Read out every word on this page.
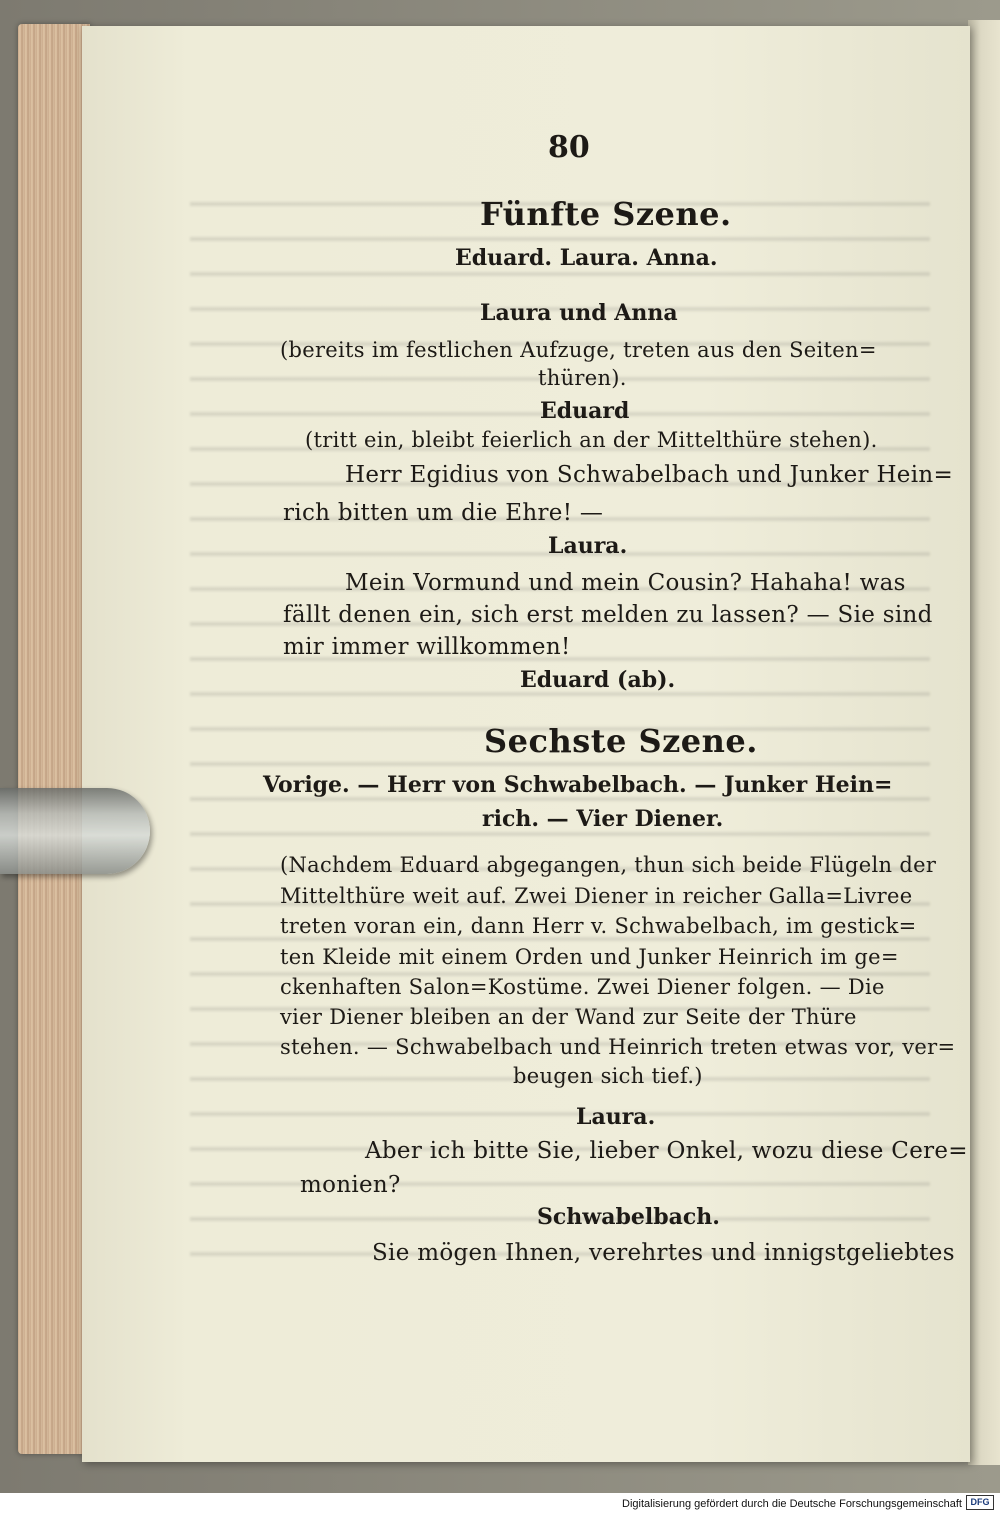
80
Fünfte Szene.
Eduard. Laura. Anna.
Laura und Anna
(bereits im festlichen Aufzuge, treten aus den Seiten=
thüren).
Eduard
(tritt ein, bleibt feierlich an der Mittelthüre stehen).
Herr Egidius von Schwabelbach und Junker Hein=
rich bitten um die Ehre! —
Laura.
Mein Vormund und mein Cousin? Hahaha! was
fällt denen ein, sich erst melden zu lassen? — Sie sind
mir immer willkommen!
Eduard (ab).
Sechste Szene.
Vorige. — Herr von Schwabelbach. — Junker Hein=
rich. — Vier Diener.
(Nachdem Eduard abgegangen, thun sich beide Flügeln der
Mittelthüre weit auf. Zwei Diener in reicher Galla=Livree
treten voran ein, dann Herr v. Schwabelbach, im gestick=
ten Kleide mit einem Orden und Junker Heinrich im ge=
ckenhaften Salon=Kostüme. Zwei Diener folgen. — Die
vier Diener bleiben an der Wand zur Seite der Thüre
stehen. — Schwabelbach und Heinrich treten etwas vor, ver=
beugen sich tief.)
Laura.
Aber ich bitte Sie, lieber Onkel, wozu diese Cere=
monien?
Schwabelbach.
Sie mögen Ihnen, verehrtes und innigstgeliebtes
Digitalisierung gefördert durch die Deutsche Forschungsgemeinschaft DFG
